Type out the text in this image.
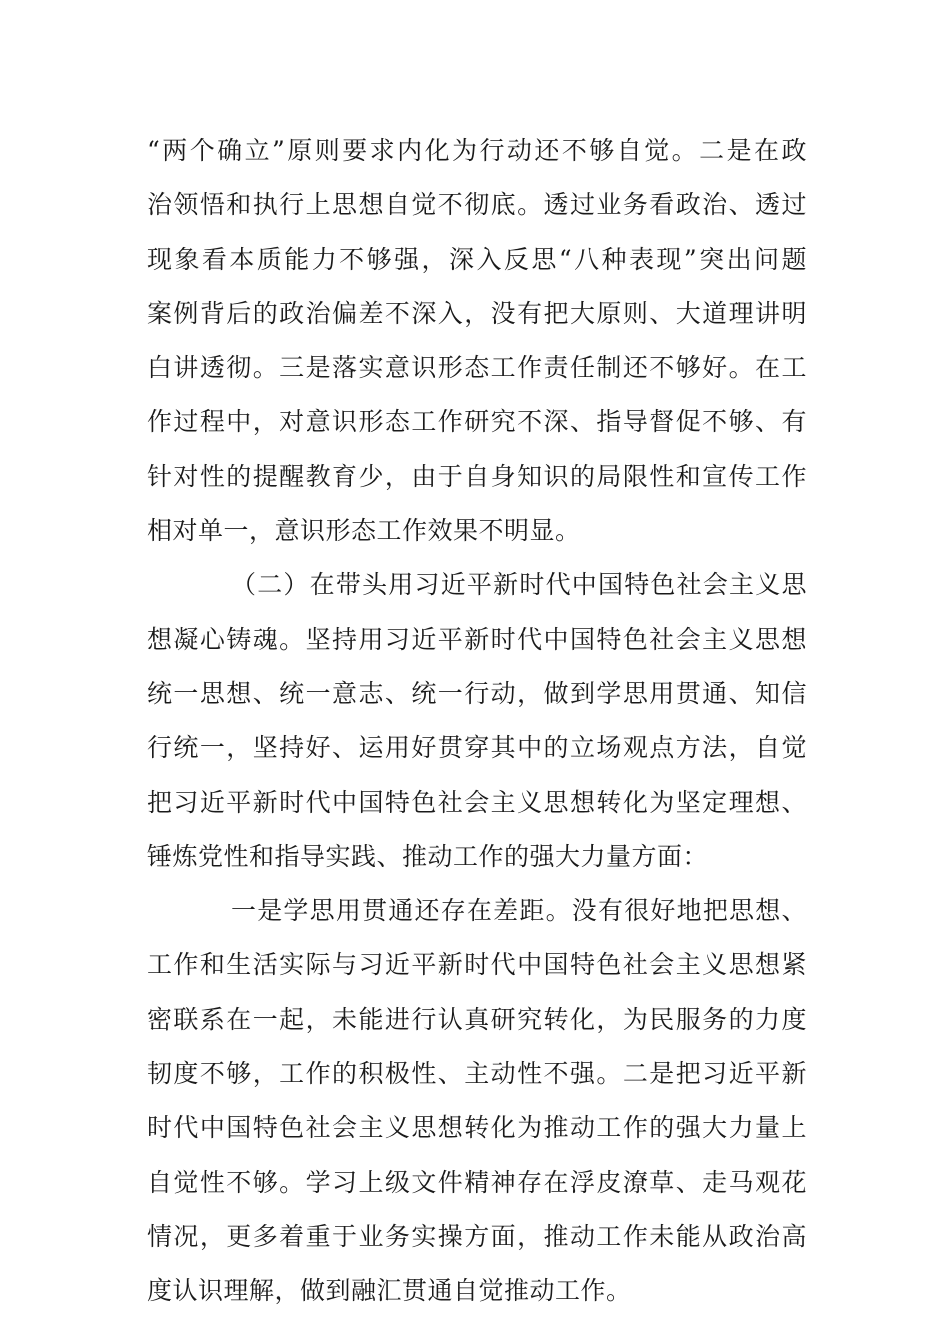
“两个确立”原则要求内化为行动还不够自觉。二是在政
治领悟和执行上思想自觉不彻底。透过业务看政治、透过
现象看本质能力不够强，深入反思“八种表现”突出问题
案例背后的政治偏差不深入，没有把大原则、大道理讲明
白讲透彻。三是落实意识形态工作责任制还不够好。在工
作过程中，对意识形态工作研究不深、指导督促不够、有
针对性的提醒教育少，由于自身知识的局限性和宣传工作
相对单一，意识形态工作效果不明显。
（二）在带头用习近平新时代中国特色社会主义思
想凝心铸魂。坚持用习近平新时代中国特色社会主义思想
统一思想、统一意志、统一行动，做到学思用贯通、知信
行统一，坚持好、运用好贯穿其中的立场观点方法，自觉
把习近平新时代中国特色社会主义思想转化为坚定理想、
锤炼党性和指导实践、推动工作的强大力量方面：
一是学思用贯通还存在差距。没有很好地把思想、
工作和生活实际与习近平新时代中国特色社会主义思想紧
密联系在一起，未能进行认真研究转化，为民服务的力度
韧度不够，工作的积极性、主动性不强。二是把习近平新
时代中国特色社会主义思想转化为推动工作的强大力量上
自觉性不够。学习上级文件精神存在浮皮潦草、走马观花
情况，更多着重于业务实操方面，推动工作未能从政治高
度认识理解，做到融汇贯通自觉推动工作。
